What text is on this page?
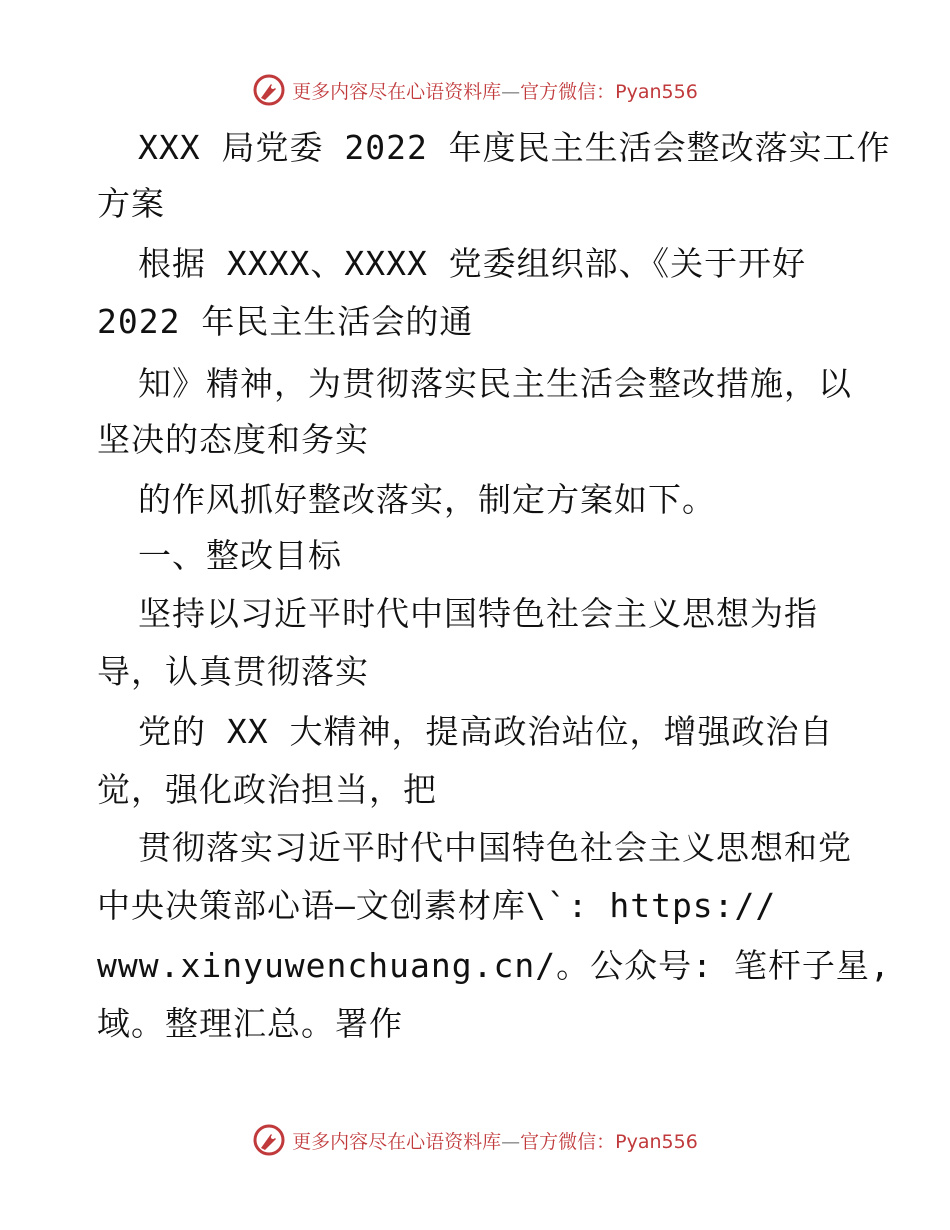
更多内容尽在心语资料库—官方微信：Pyan556
XXX 局党委 2022 年度民主生活会整改落实工作
方案
根据 XXXX、XXXX 党委组织部、《关于开好
2022 年民主生活会的通
知》精神，为贯彻落实民主生活会整改措施，以
坚决的态度和务实
的作风抓好整改落实，制定方案如下。
一、整改目标
坚持以习近平时代中国特色社会主义思想为指
导，认真贯彻落实
党的 XX 大精神，提高政治站位，增强政治自
觉，强化政治担当，把
贯彻落实习近平时代中国特色社会主义思想和党
中央决策部心语—文创素材库\`: https://
www.xinyuwenchuang.cn/。公众号: 笔杆子星,
域。整理汇总。署作
更多内容尽在心语资料库—官方微信：Pyan556
